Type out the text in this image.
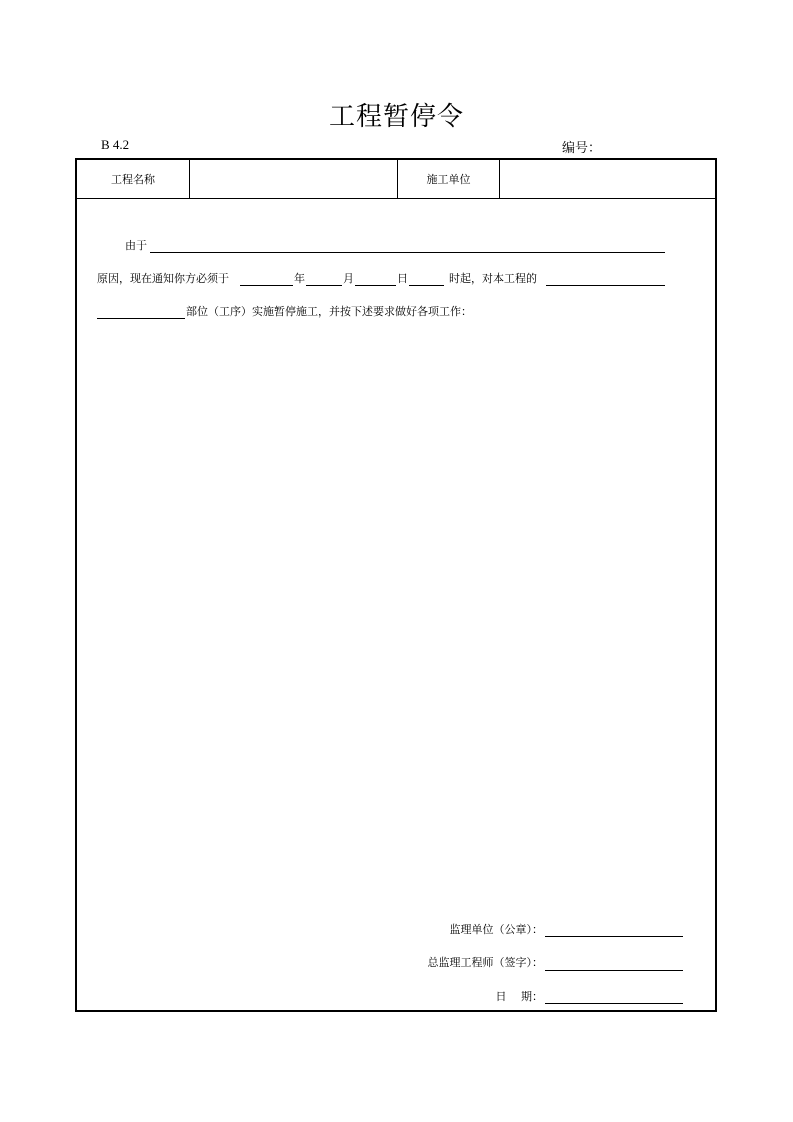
工程暂停令
B 4.2	编号：
工程名称	施工单位
由于
原因，现在通知你方必须于	年	月	日	时起，对本工程的
部位（工序）实施暂停施工，并按下述要求做好各项工作：
监理单位（公章）：
总监理工程师（签字）：
日　 期：
